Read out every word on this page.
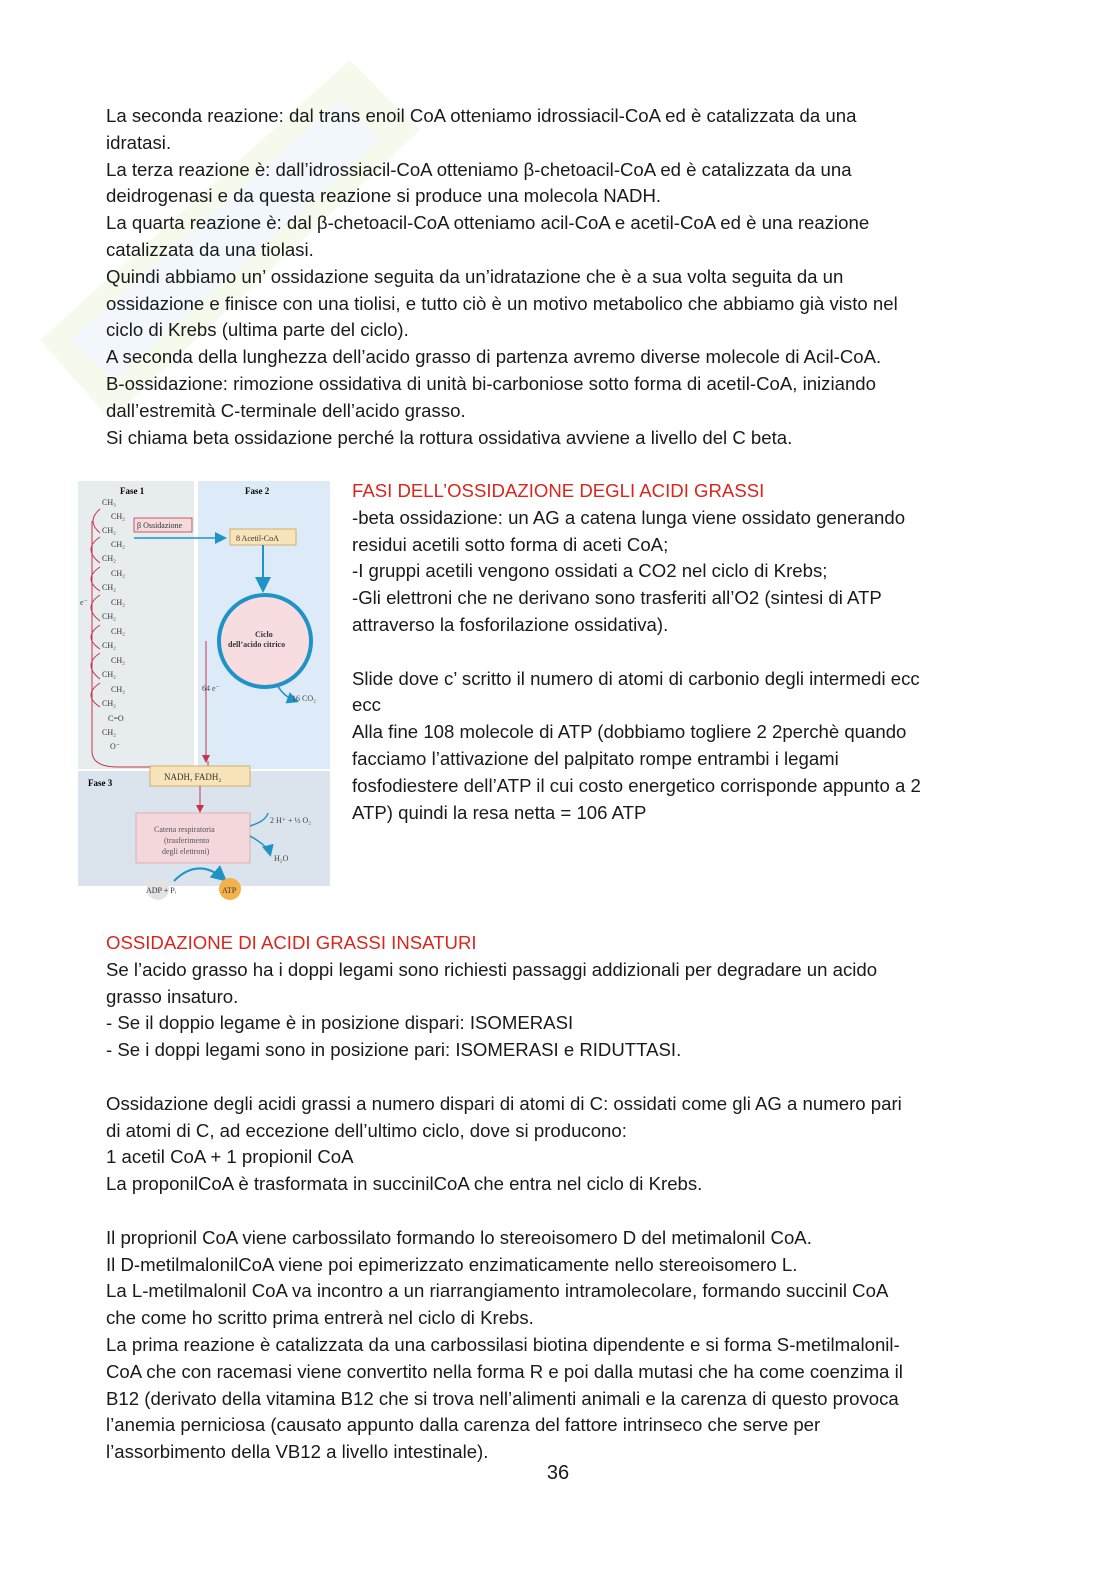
La seconda reazione: dal trans enoil CoA otteniamo idrossiacil-CoA ed è catalizzata da una

idratasi.

La terza reazione è: dall’idrossiacil-CoA otteniamo β-chetoacil-CoA ed è catalizzata da una

deidrogenasi e da questa reazione si produce una molecola NADH.

La quarta reazione è: dal β-chetoacil-CoA otteniamo acil-CoA e acetil-CoA ed è una reazione

catalizzata da una tiolasi.

Quindi abbiamo un’ ossidazione seguita da un’idratazione che è a sua volta seguita da un

ossidazione e finisce con una tiolisi, e tutto ciò è un motivo metabolico che abbiamo già visto nel

ciclo di Krebs (ultima parte del ciclo).

A seconda della lunghezza dell’acido grasso di partenza avremo diverse molecole di Acil-CoA.

B-ossidazione: rimozione ossidativa di unità bi-carboniose sotto forma di acetil-CoA, iniziando

dall’estremità C-terminale dell’acido grasso.

Si chiama beta ossidazione perché la rottura ossidativa avviene a livello del C beta.

Fase 1	Fase 2
Fase 3
CH₃
CH₂
CH₂
CH₂
CH₂
CH₂
CH₂
CH₂
CH₂
CH₂
CH₂
CH₂
CH₂
CH₂
CH₂
C=O
CH₂
O⁻
e⁻
β Ossidazione
8 Acetil-CoA
Ciclo
dell’acido citrico
16 CO₂
64 e⁻
NADH, FADH₂
Catena respiratoria
(trasferimento
degli elettroni)
2 H⁺ + ½ O₂
H₂O
ADP + Pᵢ	ATP

FASI DELL’OSSIDAZIONE DEGLI ACIDI GRASSI

-beta ossidazione: un AG a catena lunga viene ossidato generando

residui acetili sotto forma di aceti CoA;

-I gruppi acetili vengono ossidati a CO2 nel ciclo di Krebs;

-Gli elettroni che ne derivano sono trasferiti all’O2 (sintesi di ATP

attraverso la fosforilazione ossidativa).

Slide dove c’ scritto il numero di atomi di carbonio degli intermedi ecc

ecc

Alla fine 108 molecole di ATP (dobbiamo togliere 2 2perchè quando

facciamo l’attivazione del palpitato rompe entrambi i legami

fosfodiestere dell’ATP il cui costo energetico corrisponde appunto a 2

ATP) quindi la resa netta = 106 ATP

OSSIDAZIONE DI ACIDI GRASSI INSATURI

Se l’acido grasso ha i doppi legami sono richiesti passaggi addizionali per degradare un acido

grasso insaturo.

- Se il doppio legame è in posizione dispari: ISOMERASI

- Se i doppi legami sono in posizione pari: ISOMERASI e RIDUTTASI.

Ossidazione degli acidi grassi a numero dispari di atomi di C: ossidati come gli AG a numero pari

di atomi di C, ad eccezione dell’ultimo ciclo, dove si producono:

1 acetil CoA + 1 propionil CoA

La proponilCoA è trasformata in succinilCoA che entra nel ciclo di Krebs.

Il proprionil CoA viene carbossilato formando lo stereoisomero D del metimalonil CoA.

Il D-metilmalonilCoA viene poi epimerizzato enzimaticamente nello stereoisomero L.

La L-metilmalonil CoA va incontro a un riarrangiamento intramolecolare, formando succinil CoA

che come ho scritto prima entrerà nel ciclo di Krebs.

La prima reazione è catalizzata da una carbossilasi biotina dipendente e si forma S-metilmalonil-

CoA che con racemasi viene convertito nella forma R e poi dalla mutasi che ha come coenzima il

B12 (derivato della vitamina B12 che si trova nell’alimenti animali e la carenza di questo provoca

l’anemia perniciosa (causato appunto dalla carenza del fattore intrinseco che serve per

l’assorbimento della VB12 a livello intestinale).

36
